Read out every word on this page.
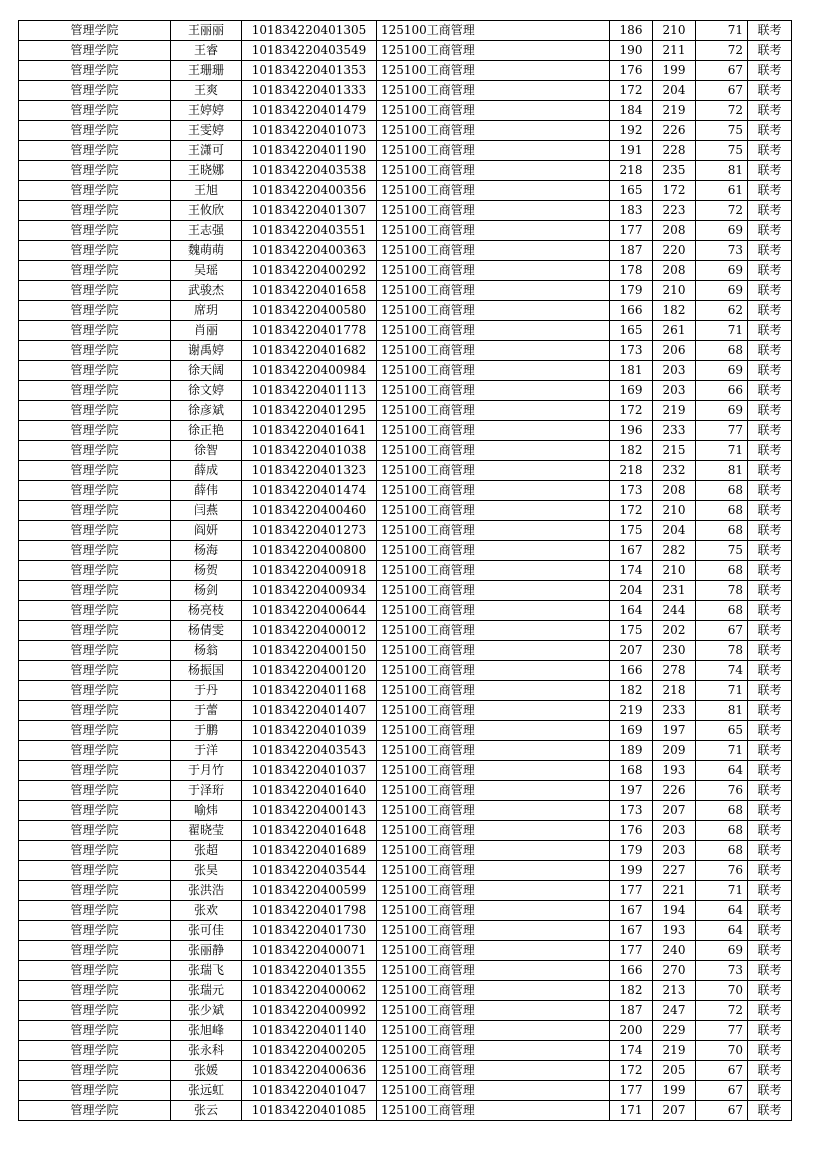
管理学院	王丽丽	101834220401305	125100工商管理	186	210	71	联考
管理学院	王睿	101834220403549	125100工商管理	190	211	72	联考
管理学院	王珊珊	101834220401353	125100工商管理	176	199	67	联考
管理学院	王爽	101834220401333	125100工商管理	172	204	67	联考
管理学院	王婷婷	101834220401479	125100工商管理	184	219	72	联考
管理学院	王雯婷	101834220401073	125100工商管理	192	226	75	联考
管理学院	王潇可	101834220401190	125100工商管理	191	228	75	联考
管理学院	王晓娜	101834220403538	125100工商管理	218	235	81	联考
管理学院	王旭	101834220400356	125100工商管理	165	172	61	联考
管理学院	王攸欣	101834220401307	125100工商管理	183	223	72	联考
管理学院	王志强	101834220403551	125100工商管理	177	208	69	联考
管理学院	魏萌萌	101834220400363	125100工商管理	187	220	73	联考
管理学院	吴瑶	101834220400292	125100工商管理	178	208	69	联考
管理学院	武骏杰	101834220401658	125100工商管理	179	210	69	联考
管理学院	席玥	101834220400580	125100工商管理	166	182	62	联考
管理学院	肖丽	101834220401778	125100工商管理	165	261	71	联考
管理学院	谢禹婷	101834220401682	125100工商管理	173	206	68	联考
管理学院	徐天阔	101834220400984	125100工商管理	181	203	69	联考
管理学院	徐文婷	101834220401113	125100工商管理	169	203	66	联考
管理学院	徐彦斌	101834220401295	125100工商管理	172	219	69	联考
管理学院	徐正艳	101834220401641	125100工商管理	196	233	77	联考
管理学院	徐智	101834220401038	125100工商管理	182	215	71	联考
管理学院	薛成	101834220401323	125100工商管理	218	232	81	联考
管理学院	薛伟	101834220401474	125100工商管理	173	208	68	联考
管理学院	闫燕	101834220400460	125100工商管理	172	210	68	联考
管理学院	阎妍	101834220401273	125100工商管理	175	204	68	联考
管理学院	杨海	101834220400800	125100工商管理	167	282	75	联考
管理学院	杨贺	101834220400918	125100工商管理	174	210	68	联考
管理学院	杨剑	101834220400934	125100工商管理	204	231	78	联考
管理学院	杨亮枝	101834220400644	125100工商管理	164	244	68	联考
管理学院	杨倩雯	101834220400012	125100工商管理	175	202	67	联考
管理学院	杨翁	101834220400150	125100工商管理	207	230	78	联考
管理学院	杨振国	101834220400120	125100工商管理	166	278	74	联考
管理学院	于丹	101834220401168	125100工商管理	182	218	71	联考
管理学院	于蕾	101834220401407	125100工商管理	219	233	81	联考
管理学院	于鹏	101834220401039	125100工商管理	169	197	65	联考
管理学院	于洋	101834220403543	125100工商管理	189	209	71	联考
管理学院	于月竹	101834220401037	125100工商管理	168	193	64	联考
管理学院	于泽珩	101834220401640	125100工商管理	197	226	76	联考
管理学院	喻炜	101834220400143	125100工商管理	173	207	68	联考
管理学院	翟晓莹	101834220401648	125100工商管理	176	203	68	联考
管理学院	张超	101834220401689	125100工商管理	179	203	68	联考
管理学院	张昊	101834220403544	125100工商管理	199	227	76	联考
管理学院	张洪浩	101834220400599	125100工商管理	177	221	71	联考
管理学院	张欢	101834220401798	125100工商管理	167	194	64	联考
管理学院	张可佳	101834220401730	125100工商管理	167	193	64	联考
管理学院	张丽静	101834220400071	125100工商管理	177	240	69	联考
管理学院	张瑞飞	101834220401355	125100工商管理	166	270	73	联考
管理学院	张瑞元	101834220400062	125100工商管理	182	213	70	联考
管理学院	张少斌	101834220400992	125100工商管理	187	247	72	联考
管理学院	张旭峰	101834220401140	125100工商管理	200	229	77	联考
管理学院	张永科	101834220400205	125100工商管理	174	219	70	联考
管理学院	张媛	101834220400636	125100工商管理	172	205	67	联考
管理学院	张远虹	101834220401047	125100工商管理	177	199	67	联考
管理学院	张云	101834220401085	125100工商管理	171	207	67	联考
